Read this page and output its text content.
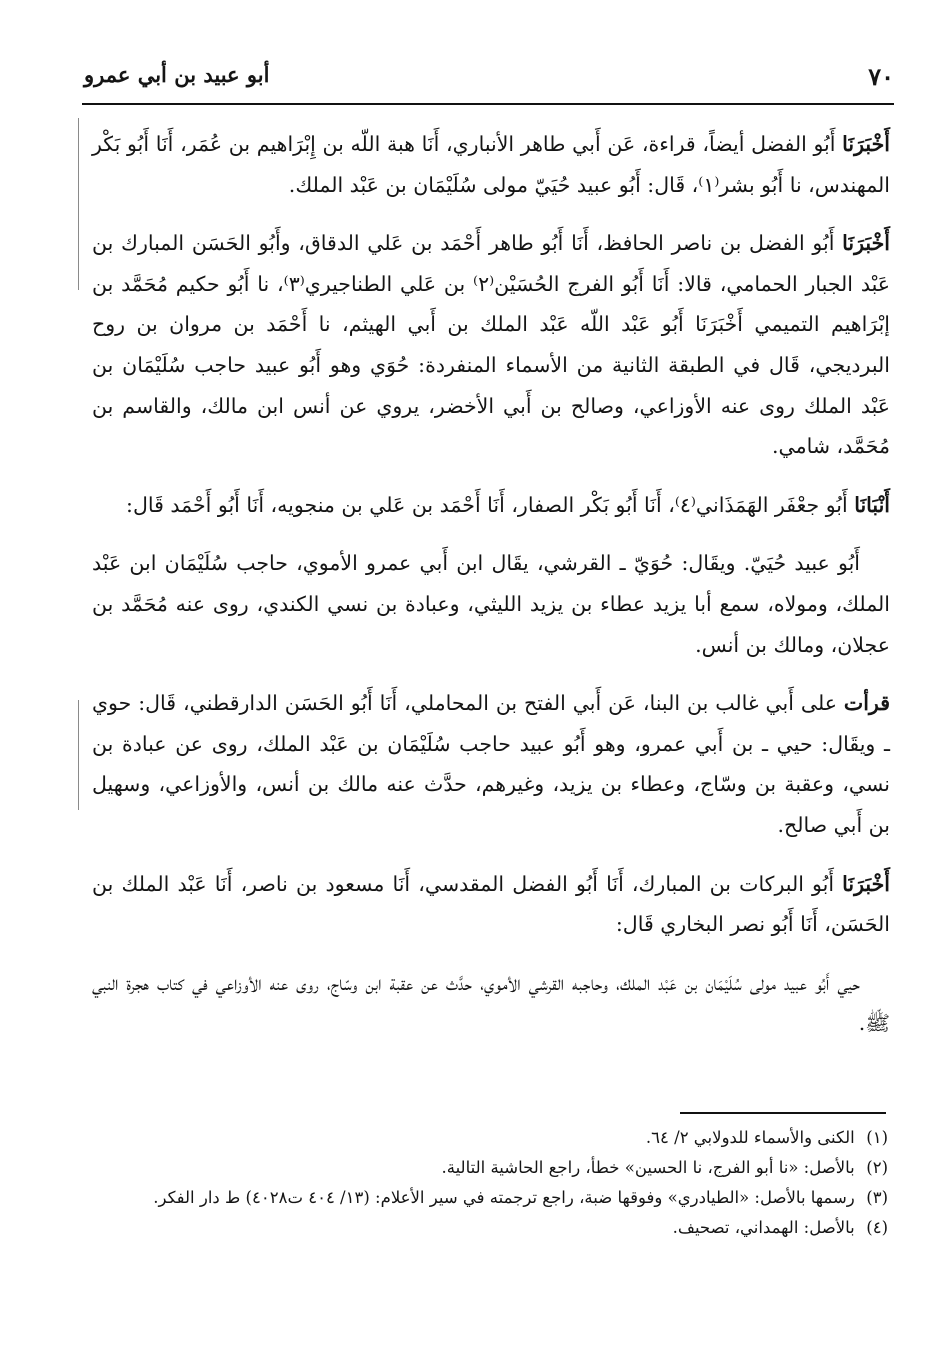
٧٠
أبو عبيد بن أبي عمرو

أَخْبَرَنَا أَبُو الفضل أيضاً، قراءة، عَن أَبي طاهر الأنباري، أَنَا هبة اللّه بن إِبْرَاهيم بن عُمَر، أَنَا أَبُو بَكْر المهندس، نا أَبُو بشر⁽١⁾، قَال: أَبُو عبيد حُيَيّ مولى سُلَيْمَان بن عَبْد الملك.

أَخْبَرَنَا أَبُو الفضل بن ناصر الحافظ، أَنَا أَبُو طاهر أَحْمَد بن عَلي الدقاق، وأَبُو الحَسَن المبارك بن عَبْد الجبار الحمامي، قالا: أَنَا أَبُو الفرج الحُسَيْن⁽٢⁾ بن عَلي الطناجيري⁽٣⁾، نا أَبُو حكيم مُحَمَّد بن إبْرَاهيم التميمي أَخْبَرَنَا أَبُو عَبْد اللّه عَبْد الملك بن أَبي الهيثم، نا أَحْمَد بن مروان بن روح البرديجي، قَال في الطبقة الثانية من الأسماء المنفردة: حُوَي وهو أَبُو عبيد حاجب سُلَيْمَان بن عَبْد الملك روى عنه الأوزاعي، وصالح بن أَبي الأخضر، يروي عن أنس ابن مالك، والقاسم بن مُحَمَّد، شامي.

أَنْبَانَا أَبُو جعْفَر الهَمَذَاني⁽٤⁾، أَنَا أَبُو بَكْر الصفار، أَنَا أَحْمَد بن عَلي بن منجويه، أَنَا أَبُو أَحْمَد قَال:

أَبُو عبيد حُيَيّ. ويقَال: حُوَيّ ـ القرشي، يقَال ابن أَبي عمرو الأموي، حاجب سُلَيْمَان ابن عَبْد الملك، ومولاه، سمع أبا يزيد عطاء بن يزيد الليثي، وعبادة بن نسي الكندي، روى عنه مُحَمَّد بن عجلان، ومالك بن أنس.

قرأت على أَبي غالب بن البنا، عَن أَبي الفتح بن المحاملي، أَنَا أَبُو الحَسَن الدارقطني، قَال: حوي ـ ويقَال: حيي ـ بن أَبي عمرو، وهو أَبُو عبيد حاجب سُلَيْمَان بن عَبْد الملك، روى عن عبادة بن نسي، وعقبة بن وسّاج، وعطاء بن يزيد، وغيرهم، حدَّث عنه مالك بن أنس، والأوزاعي، وسهيل بن أَبي صالح.

أَخْبَرَنَا أَبُو البركات بن المبارك، أَنَا أَبُو الفضل المقدسي، أَنَا مسعود بن ناصر، أَنَا عَبْد الملك بن الحَسَن، أَنَا أَبُو نصر البخاري قَال:

حيي أَبُو عبيد مولى سُلَيْمَان بن عَبْد الملك، وحاجبه القرشي الأموي، حدَّث عن عقبة ابن وسّاج، روى عنه الأوزاعي في كتاب هجرة النبي ﷺ.

(١) الكنى والأسماء للدولابي ٢/ ٦٤.
(٢) بالأصل: «نا أبو الفرج، نا الحسين» خطأ، راجع الحاشية التالية.
(٣) رسمها بالأصل: «الطيادري» وفوقها ضبة، راجع ترجمته في سير الأعلام: (١٣/ ٤٠٤ ت٤٠٢٨) ط دار الفكر.
(٤) بالأصل: الهمداني، تصحيف.
